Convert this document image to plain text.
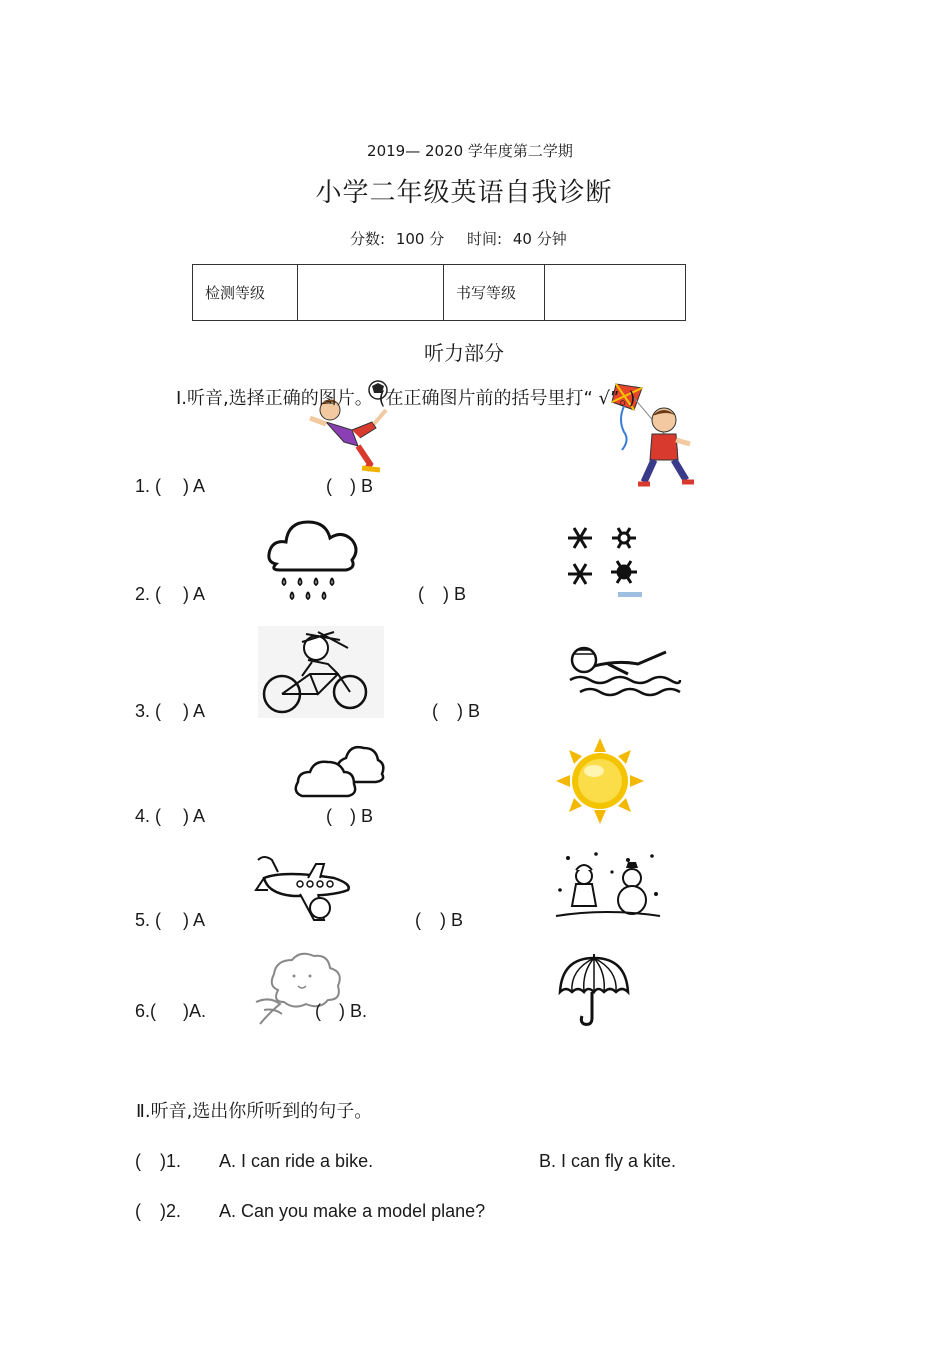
2019— 2020 学年度第二学期
小学二年级英语自我诊断
分数: 100 分 时间: 40 分钟
检测等级		书写等级	
听力部分
Ⅰ.听音,选择正确的图片。 (在正确图片前的括号里打“ √”。)
1. ( ) A	( ) B
2. ( ) A	( ) B
3. ( ) A	( ) B
4. ( ) A	( ) B
5. ( ) A	( ) B
6.( )A.	( ) B.
Ⅱ.听音,选出你所听到的句子。
( )1. A. I can ride a bike.	B. I can fly a kite.
( )2. A. Can you make a model plane?
